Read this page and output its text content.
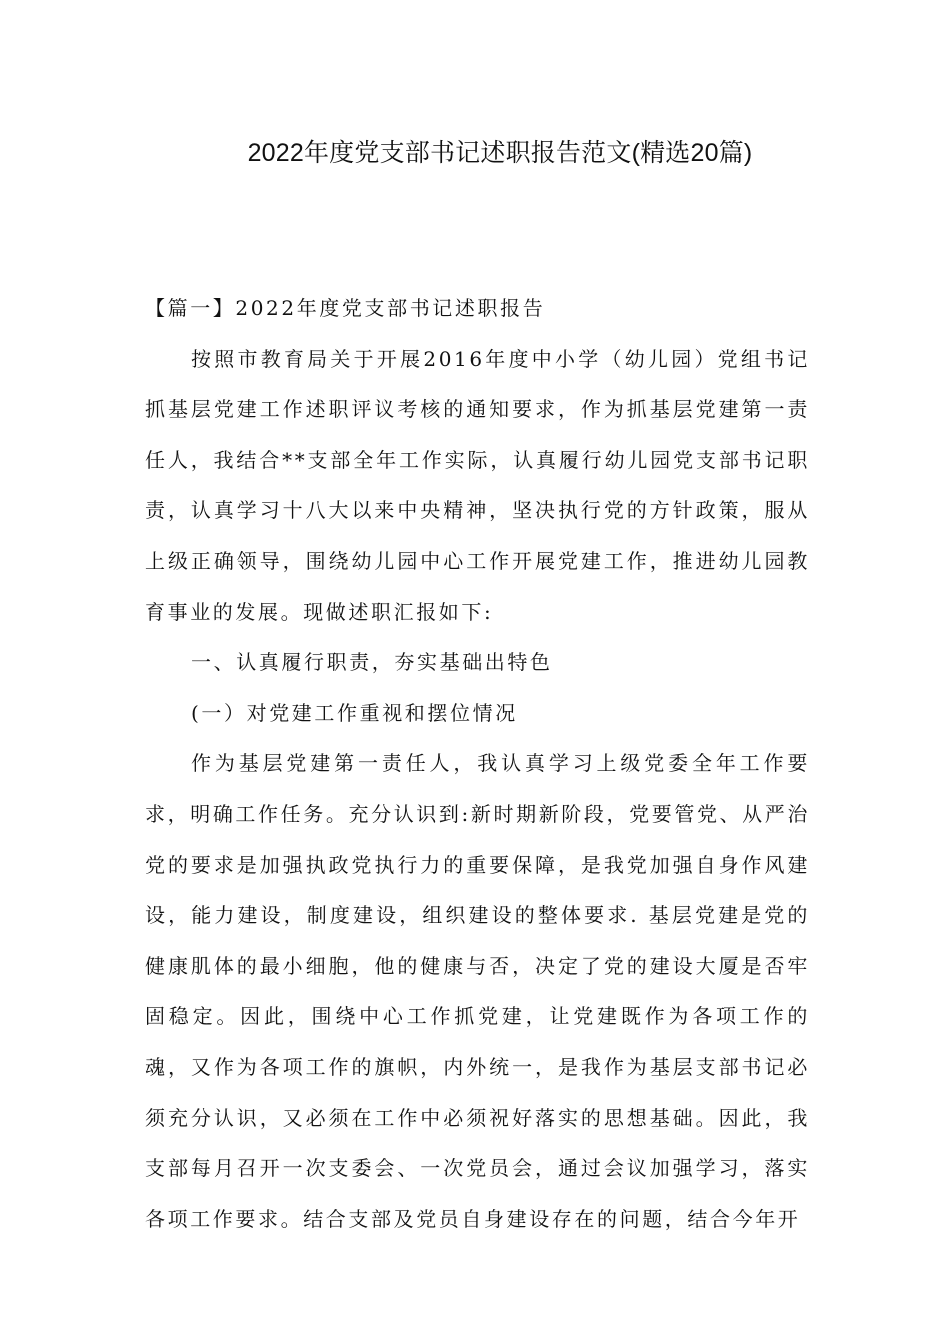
2022年度党支部书记述职报告范文(精选20篇)

【篇一】2022年度党支部书记述职报告

按照市教育局关于开展2016年度中小学（幼儿园）党组书记抓基层党建工作述职评议考核的通知要求，作为抓基层党建第一责任人，我结合**支部全年工作实际，认真履行幼儿园党支部书记职责，认真学习十八大以来中央精神，坚决执行党的方针政策，服从上级正确领导，围绕幼儿园中心工作开展党建工作，推进幼儿园教育事业的发展。现做述职汇报如下:

一、认真履行职责，夯实基础出特色

(一）对党建工作重视和摆位情况

作为基层党建第一责任人，我认真学习上级党委全年工作要求，明确工作任务。充分认识到:新时期新阶段，党要管党、从严治党的要求是加强执政党执行力的重要保障，是我党加强自身作风建设，能力建设，制度建设，组织建设的整体要求. 基层党建是党的健康肌体的最小细胞，他的健康与否，决定了党的建设大厦是否牢固稳定。因此，围绕中心工作抓党建，让党建既作为各项工作的魂，又作为各项工作的旗帜，内外统一，是我作为基层支部书记必须充分认识，又必须在工作中必须祝好落实的思想基础。因此，我支部每月召开一次支委会、一次党员会，通过会议加强学习，落实各项工作要求。结合支部及党员自身建设存在的问题，结合今年开
